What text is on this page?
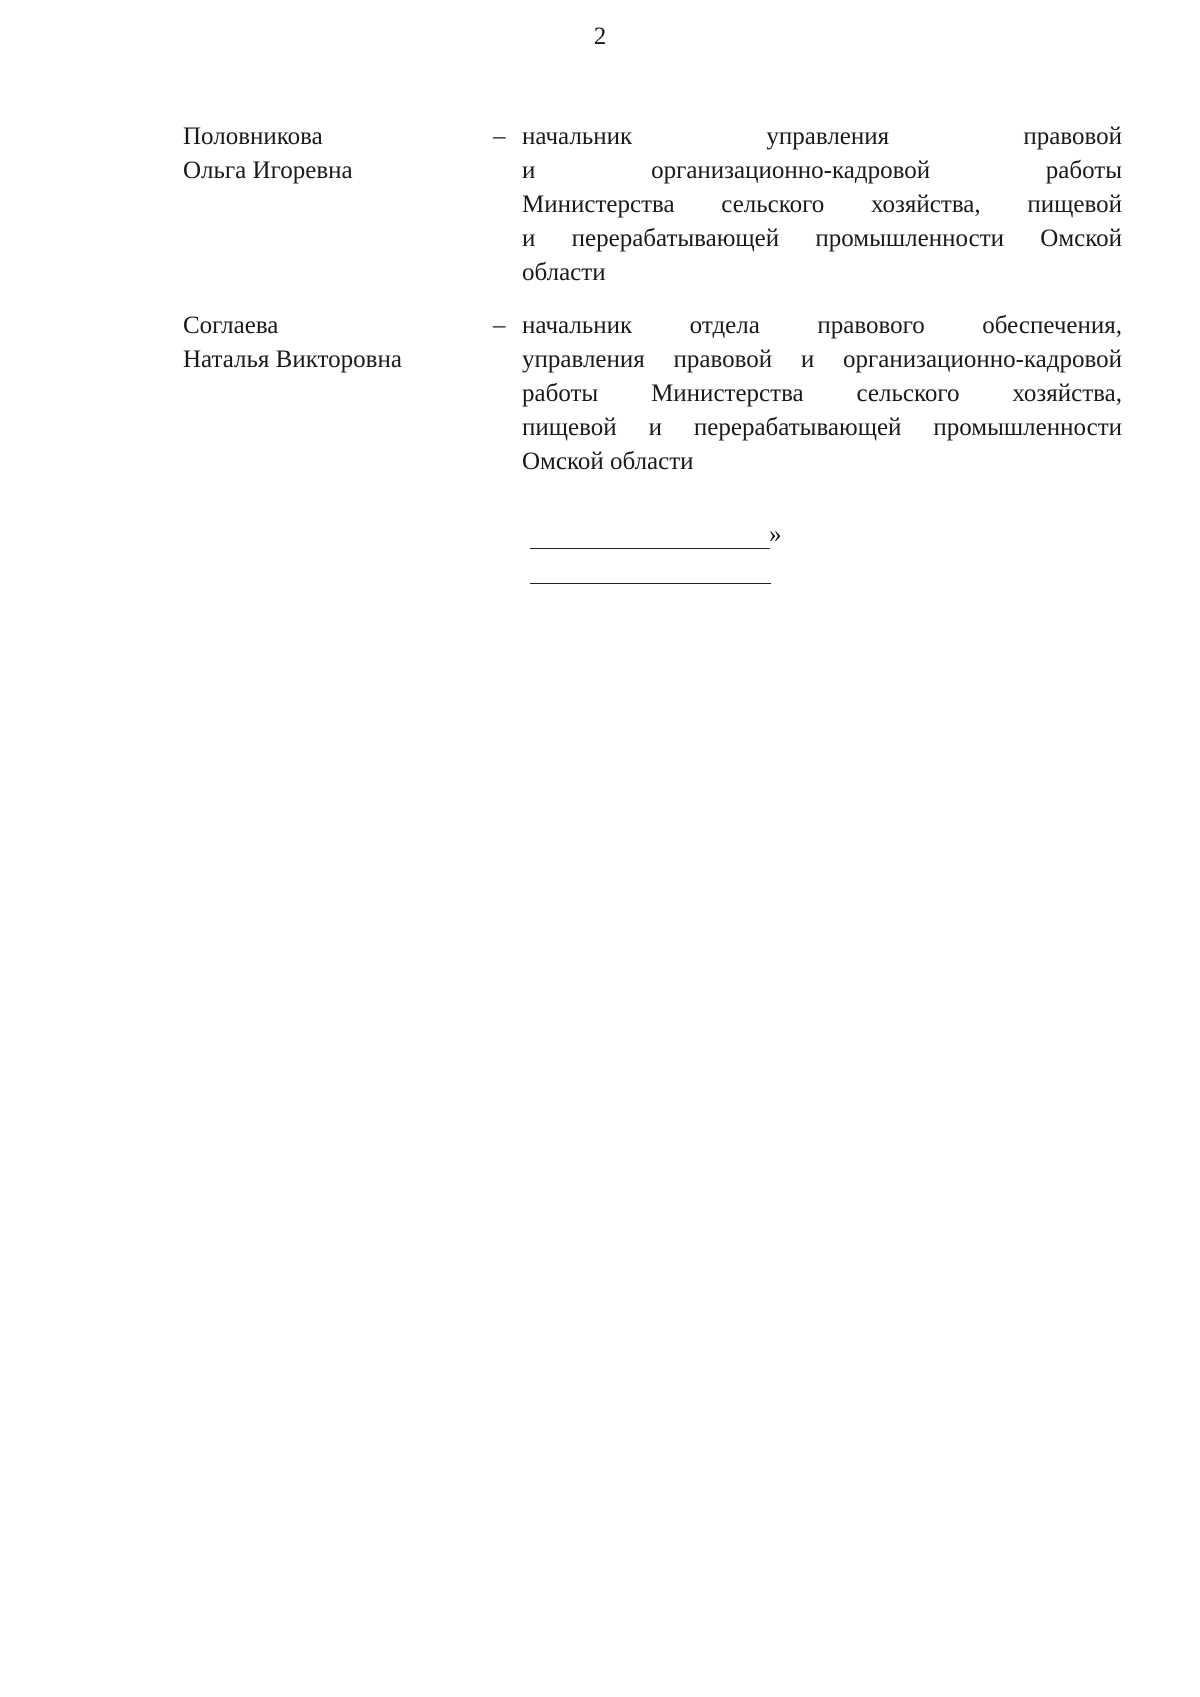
2
Половникова
Ольга Игоревна
– начальник управления правовой
и организационно-кадровой работы
Министерства сельского хозяйства, пищевой
и перерабатывающей промышленности Омской
области
Соглаева
Наталья Викторовна
– начальник отдела правового обеспечения,
управления правовой и организационно-кадровой
работы Министерства сельского хозяйства,
пищевой и перерабатывающей промышленности
Омской области
»
